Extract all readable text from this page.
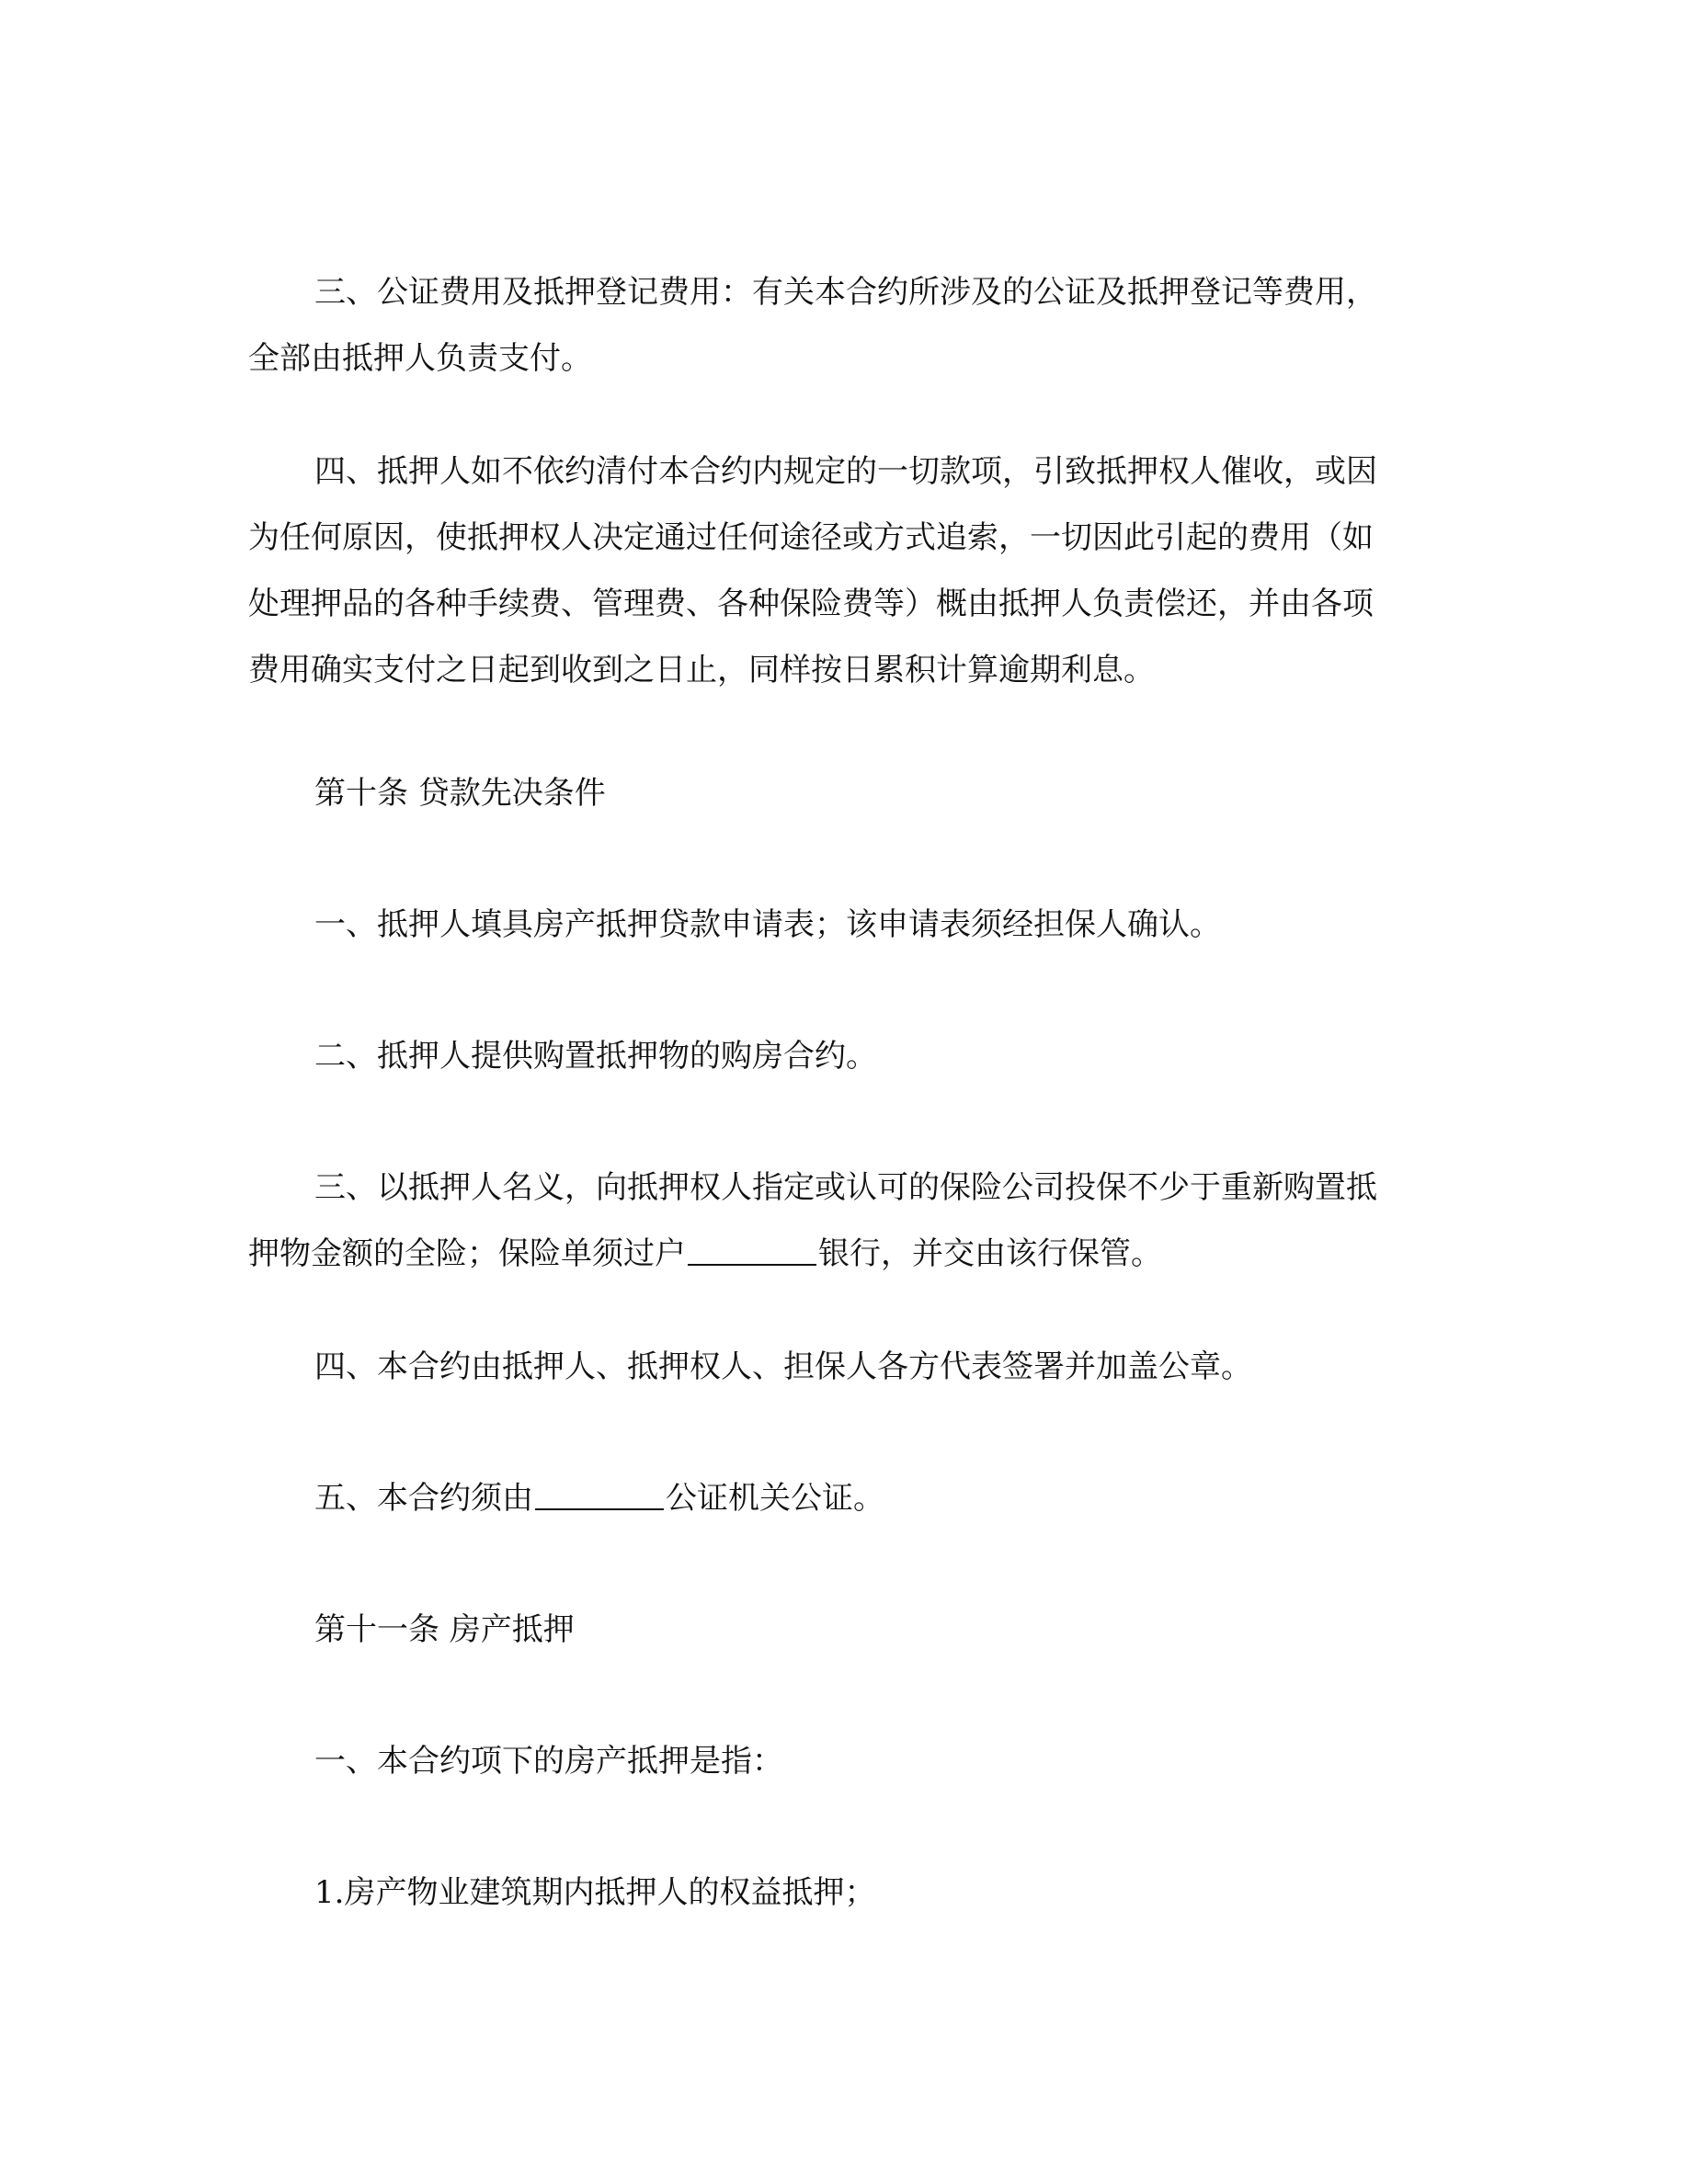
三、公证费用及抵押登记费用：有关本合约所涉及的公证及抵押登记等费用，
全部由抵押人负责支付。

四、抵押人如不依约清付本合约内规定的一切款项，引致抵押权人催收，或因
为任何原因，使抵押权人决定通过任何途径或方式追索，一切因此引起的费用（如
处理押品的各种手续费、管理费、各种保险费等）概由抵押人负责偿还，并由各项
费用确实支付之日起到收到之日止，同样按日累积计算逾期利息。

第十条 贷款先决条件

一、抵押人填具房产抵押贷款申请表；该申请表须经担保人确认。

二、抵押人提供购置抵押物的购房合约。

三、以抵押人名义，向抵押权人指定或认可的保险公司投保不少于重新购置抵
押物金额的全险；保险单须过户	银行，并交由该行保管。

四、本合约由抵押人、抵押权人、担保人各方代表签署并加盖公章。

五、本合约须由	公证机关公证。

第十一条 房产抵押

一、本合约项下的房产抵押是指：

1.房产物业建筑期内抵押人的权益抵押；
